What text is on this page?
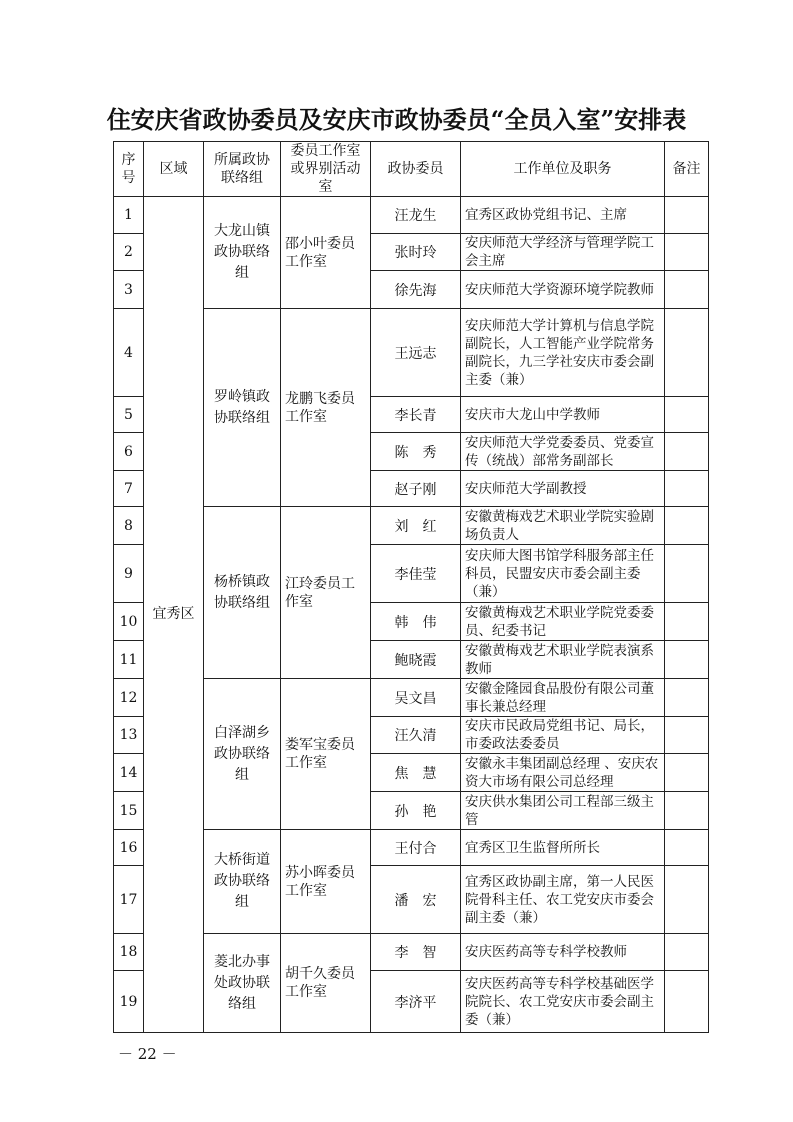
住安庆省政协委员及安庆市政协委员“全员入室”安排表
序号	区域	所属政协联络组	委员工作室或界别活动室	政协委员	工作单位及职务	备注
1	宜秀区	大龙山镇政协联络组	邵小叶委员工作室	汪龙生	宜秀区政协党组书记、主席	
2				张时玲	安庆师范大学经济与管理学院工会主席	
3				徐先海	安庆师范大学资源环境学院教师	
4		罗岭镇政协联络组	龙鹏飞委员工作室	王远志	安庆师范大学计算机与信息学院副院长，人工智能产业学院常务副院长，九三学社安庆市委会副主委（兼）	
5				李长青	安庆市大龙山中学教师	
6				陈　秀	安庆师范大学党委委员、党委宣传（统战）部常务副部长	
7				赵子刚	安庆师范大学副教授	
8		杨桥镇政协联络组	江玲委员工作室	刘　红	安徽黄梅戏艺术职业学院实验剧场负责人	
9				李佳莹	安庆师大图书馆学科服务部主任科员，民盟安庆市委会副主委（兼）	
10				韩　伟	安徽黄梅戏艺术职业学院党委委员、纪委书记	
11				鲍晓霞	安徽黄梅戏艺术职业学院表演系教师	
12		白泽湖乡政协联络组	娄军宝委员工作室	吴文昌	安徽金隆园食品股份有限公司董事长兼总经理	
13				汪久清	安庆市民政局党组书记、局长，市委政法委委员	
14				焦　慧	安徽永丰集团副总经理 、安庆农资大市场有限公司总经理	
15				孙　艳	安庆供水集团公司工程部三级主管	
16		大桥街道政协联络组	苏小晖委员工作室	王付合	宜秀区卫生监督所所长	
17				潘　宏	宜秀区政协副主席，第一人民医院骨科主任、农工党安庆市委会副主委（兼）	
18		菱北办事处政协联络组	胡千久委员工作室	李　智	安庆医药高等专科学校教师	
19				李济平	安庆医药高等专科学校基础医学院院长、农工党安庆市委会副主委（兼）	
－ 22 －
